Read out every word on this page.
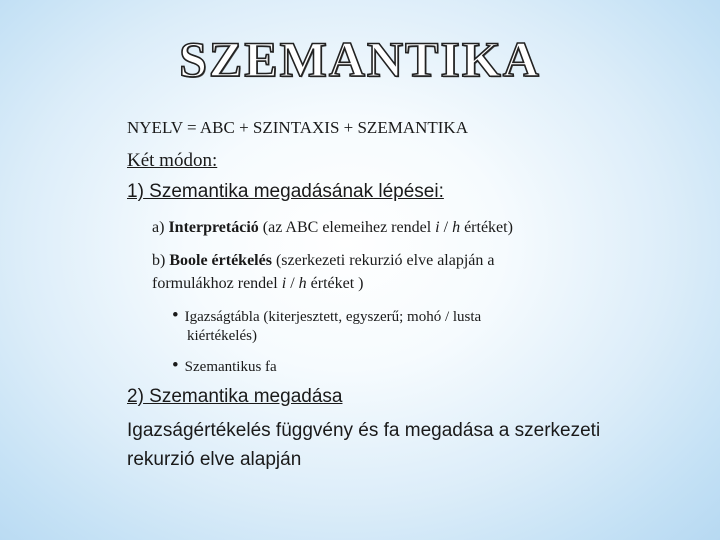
SZEMANTIKA
NYELV = ABC + SZINTAXIS + SZEMANTIKA
Két módon:
1) Szemantika megadásának lépései:
a) Interpretáció (az ABC elemeihez rendel i / h értéket)
b) Boole értékelés (szerkezeti rekurzió elve alapján a
formulákhoz rendel i / h értéket )
• Igazságtábla (kiterjesztett, egyszerű; mohó / lusta
kiértékelés)
• Szemantikus fa
2) Szemantika megadása
Igazságértékelés függvény és fa megadása a szerkezeti
rekurzió elve alapján
